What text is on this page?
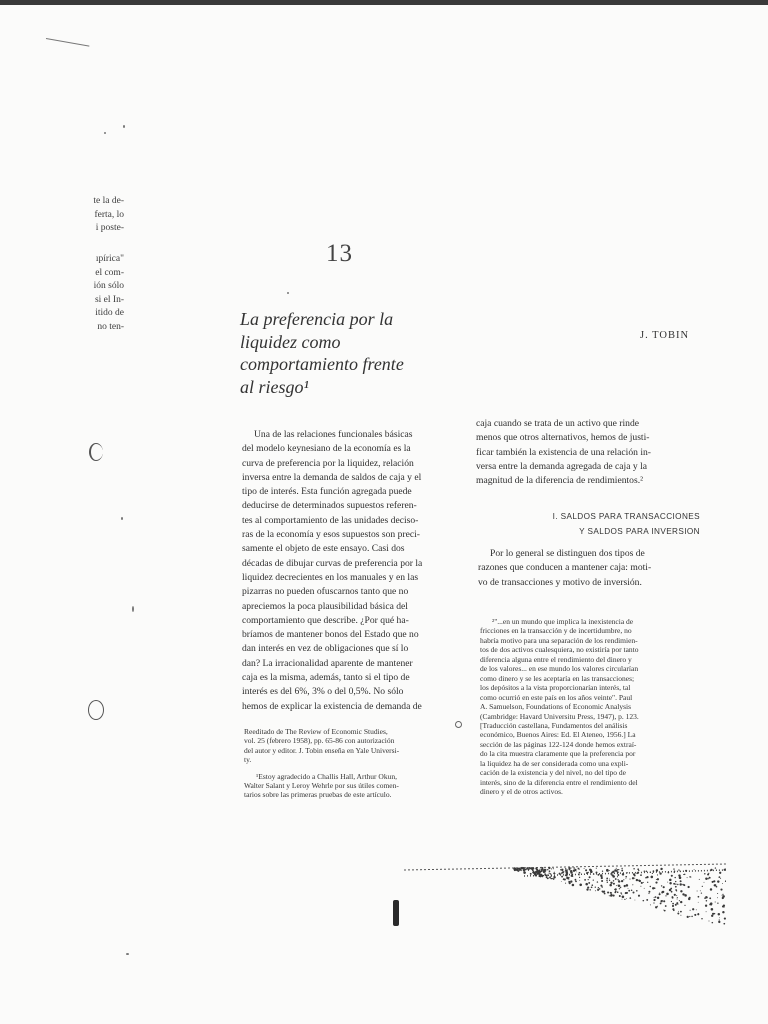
te la de-
ferta, lo
i poste-
ıpírica"
el com-
ión sólo
si el In-
itido de
no ten-
13
La preferencia por la
liquidez como
comportamiento frente
al riesgo¹
J. TOBIN
Una de las relaciones funcionales básicas
del modelo keynesiano de la economía es la
curva de preferencia por la liquidez, relación
inversa entre la demanda de saldos de caja y el
tipo de interés. Esta función agregada puede
deducirse de determinados supuestos referen-
tes al comportamiento de las unidades deciso-
ras de la economía y esos supuestos son preci-
samente el objeto de este ensayo. Casi dos
décadas de dibujar curvas de preferencia por la
liquidez decrecientes en los manuales y en las
pizarras no pueden ofuscarnos tanto que no
apreciemos la poca plausibilidad básica del
comportamiento que describe. ¿Por qué ha-
bríamos de mantener bonos del Estado que no
dan interés en vez de obligaciones que sí lo
dan? La irracionalidad aparente de mantener
caja es la misma, además, tanto si el tipo de
interés es del 6%, 3% o del 0,5%. No sólo
hemos de explicar la existencia de demanda de
caja cuando se trata de un activo que rinde
menos que otros alternativos, hemos de justi-
ficar también la existencia de una relación in-
versa entre la demanda agregada de caja y la
magnitud de la diferencia de rendimientos.²
I. SALDOS PARA TRANSACCIONES
Y SALDOS PARA INVERSION
Por lo general se distinguen dos tipos de
razones que conducen a mantener caja: moti-
vo de transacciones y motivo de inversión.
Reeditado de The Review of Economic Studies,
vol. 25 (febrero 1958), pp. 65-86 con autorización
del autor y editor. J. Tobin enseña en Yale Universi-
ty.
¹Estoy agradecido a Challis Hall, Arthur Okun,
Walter Salant y Leroy Wehrle por sus útiles comen-
tarios sobre las primeras pruebas de este artículo.
²"...en un mundo que implica la inexistencia de
fricciones en la transacción y de incertidumbre, no
habría motivo para una separación de los rendimien-
tos de dos activos cualesquiera, no existiría por tanto
diferencia alguna entre el rendimiento del dinero y
de los valores... en ese mundo los valores circularían
como dinero y se les aceptaría en las transacciones;
los depósitos a la vista proporcionarían interés, tal
como ocurrió en este país en los años veinte". Paul
A. Samuelson, Foundations of Economic Analysis
(Cambridge: Havard Universitu Press, 1947), p. 123.
[Traducción castellana, Fundamentos del análisis
económico, Buenos Aires: Ed. El Ateneo, 1956.] La
sección de las páginas 122-124 donde hemos extraí-
do la cita muestra claramente que la preferencia por
la liquidez ha de ser considerada como una expli-
cación de la existencia y del nivel, no del tipo de
interés, sino de la diferencia entre el rendimiento del
dinero y el de otros activos.
